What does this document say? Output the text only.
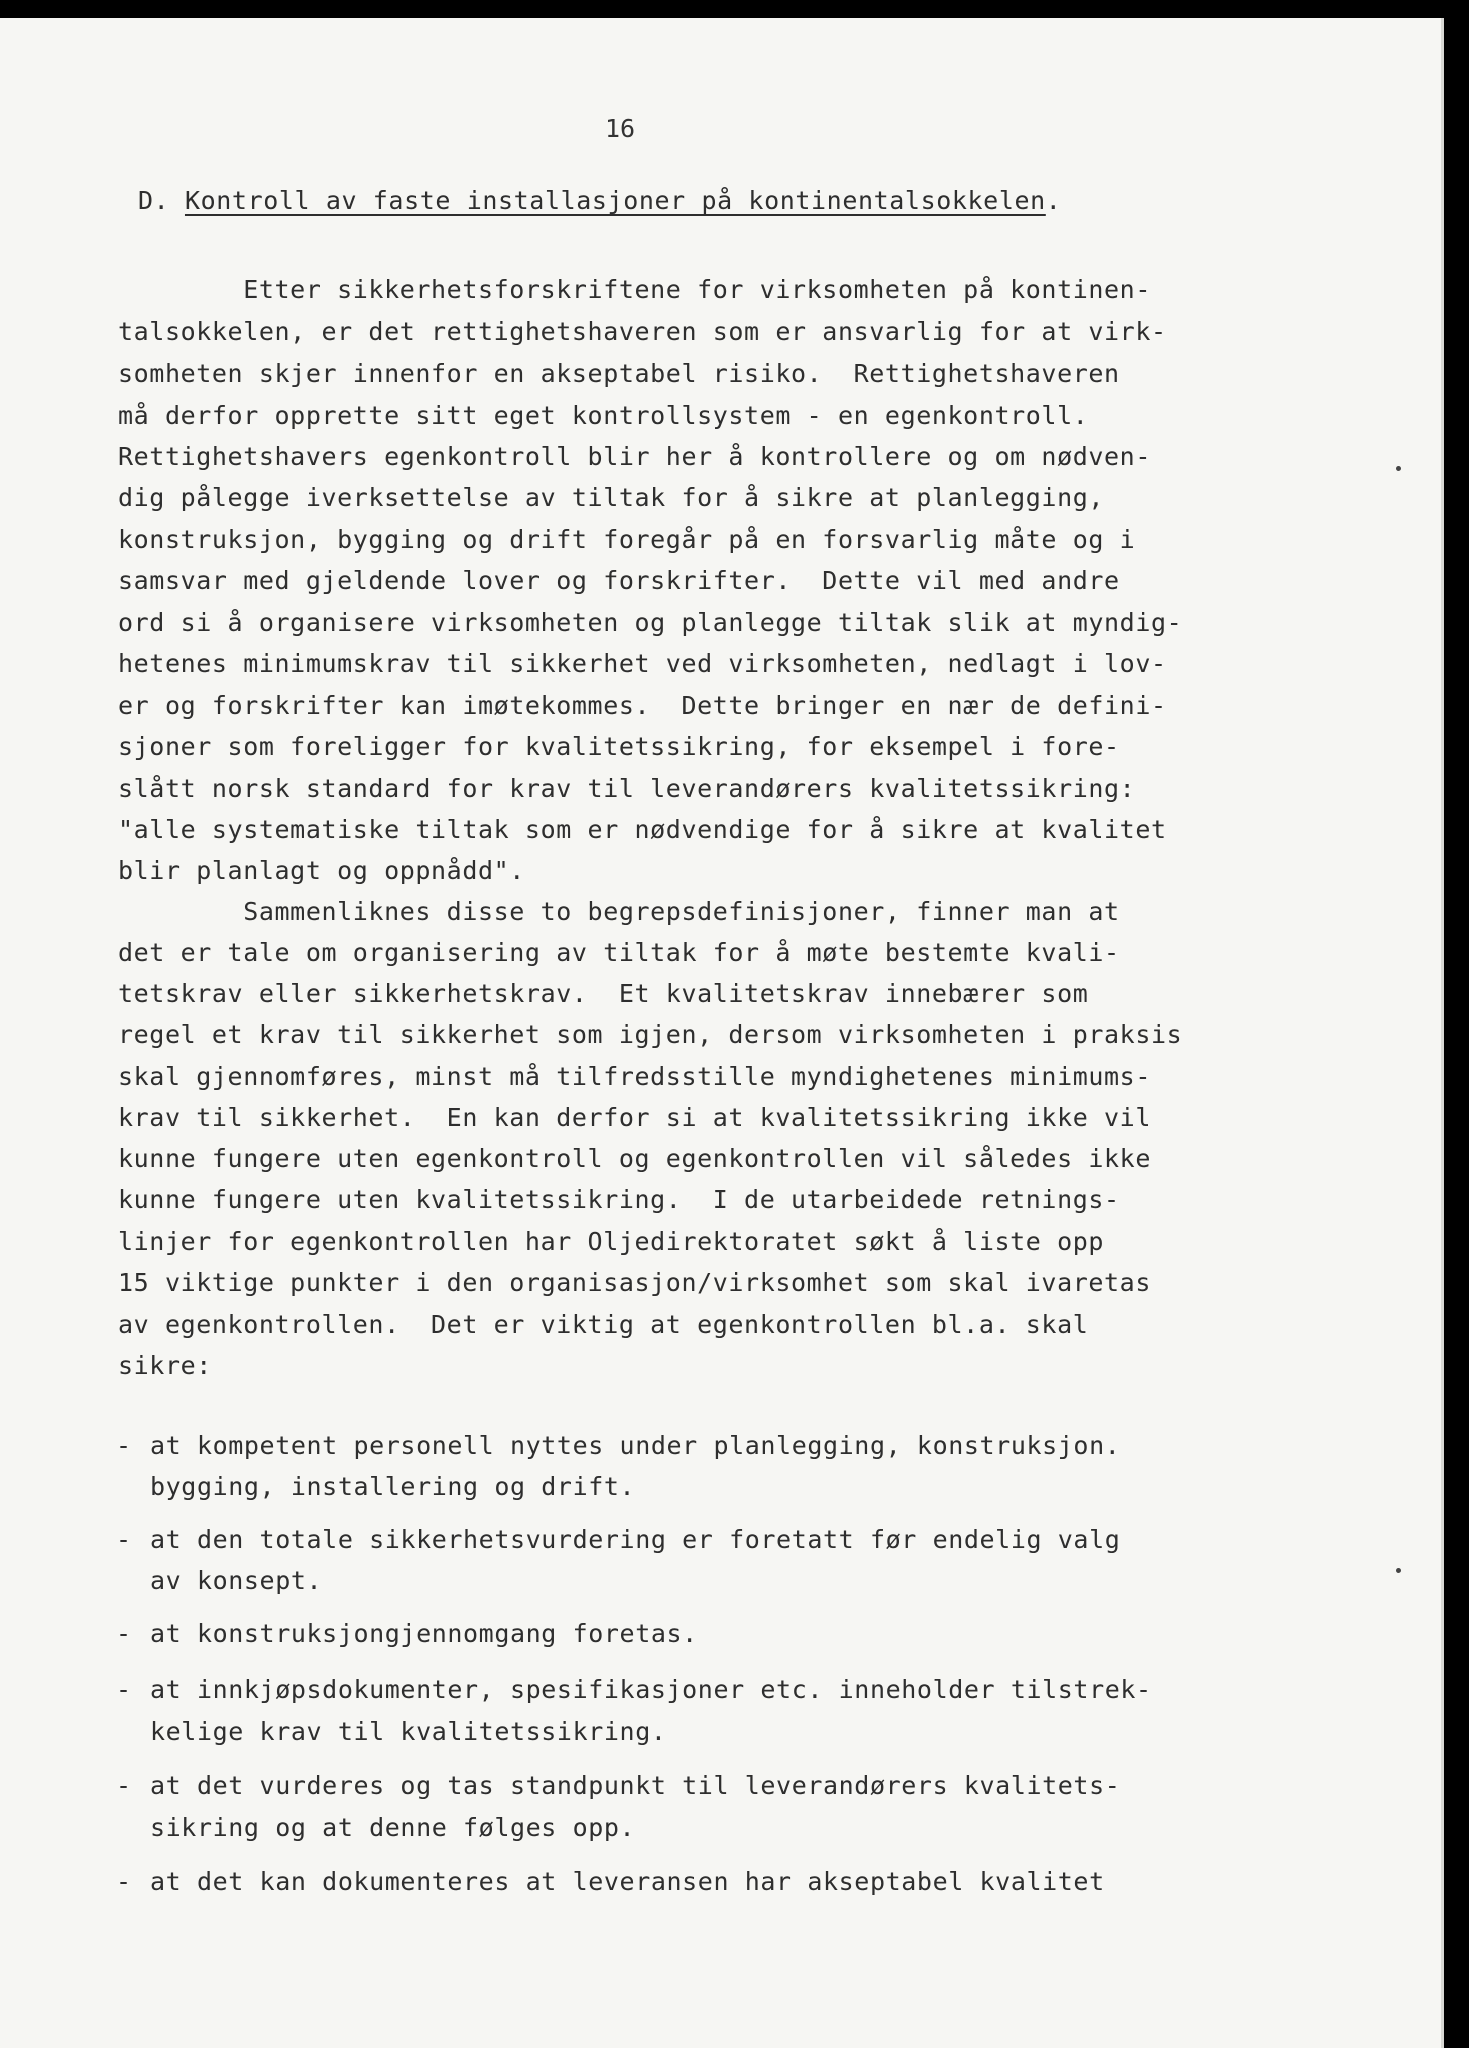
16
D. Kontroll av faste installasjoner på kontinentalsokkelen.

Etter sikkerhetsforskriftene for virksomheten på kontinen-

talsokkelen, er det rettighetshaveren som er ansvarlig for at virk-

somheten skjer innenfor en akseptabel risiko.  Rettighetshaveren

må derfor opprette sitt eget kontrollsystem - en egenkontroll.

Rettighetshavers egenkontroll blir her å kontrollere og om nødven-

dig pålegge iverksettelse av tiltak for å sikre at planlegging,

konstruksjon, bygging og drift foregår på en forsvarlig måte og i

samsvar med gjeldende lover og forskrifter.  Dette vil med andre

ord si å organisere virksomheten og planlegge tiltak slik at myndig-

hetenes minimumskrav til sikkerhet ved virksomheten, nedlagt i lov-

er og forskrifter kan imøtekommes.  Dette bringer en nær de defini-

sjoner som foreligger for kvalitetssikring, for eksempel i fore-

slått norsk standard for krav til leverandørers kvalitetssikring:

"alle systematiske tiltak som er nødvendige for å sikre at kvalitet

blir planlagt og oppnådd".

Sammenliknes disse to begrepsdefinisjoner, finner man at

det er tale om organisering av tiltak for å møte bestemte kvali-

tetskrav eller sikkerhetskrav.  Et kvalitetskrav innebærer som

regel et krav til sikkerhet som igjen, dersom virksomheten i praksis

skal gjennomføres, minst må tilfredsstille myndighetenes minimums-

krav til sikkerhet.  En kan derfor si at kvalitetssikring ikke vil

kunne fungere uten egenkontroll og egenkontrollen vil således ikke

kunne fungere uten kvalitetssikring.  I de utarbeidede retnings-

linjer for egenkontrollen har Oljedirektoratet søkt å liste opp

15 viktige punkter i den organisasjon/virksomhet som skal ivaretas

av egenkontrollen.  Det er viktig at egenkontrollen bl.a. skal

sikre:

- at kompetent personell nyttes under planlegging, konstruksjon.

bygging, installering og drift.

- at den totale sikkerhetsvurdering er foretatt før endelig valg

av konsept.

- at konstruksjongjennomgang foretas.

- at innkjøpsdokumenter, spesifikasjoner etc. inneholder tilstrek-

kelige krav til kvalitetssikring.

- at det vurderes og tas standpunkt til leverandørers kvalitets-

sikring og at denne følges opp.

- at det kan dokumenteres at leveransen har akseptabel kvalitet
